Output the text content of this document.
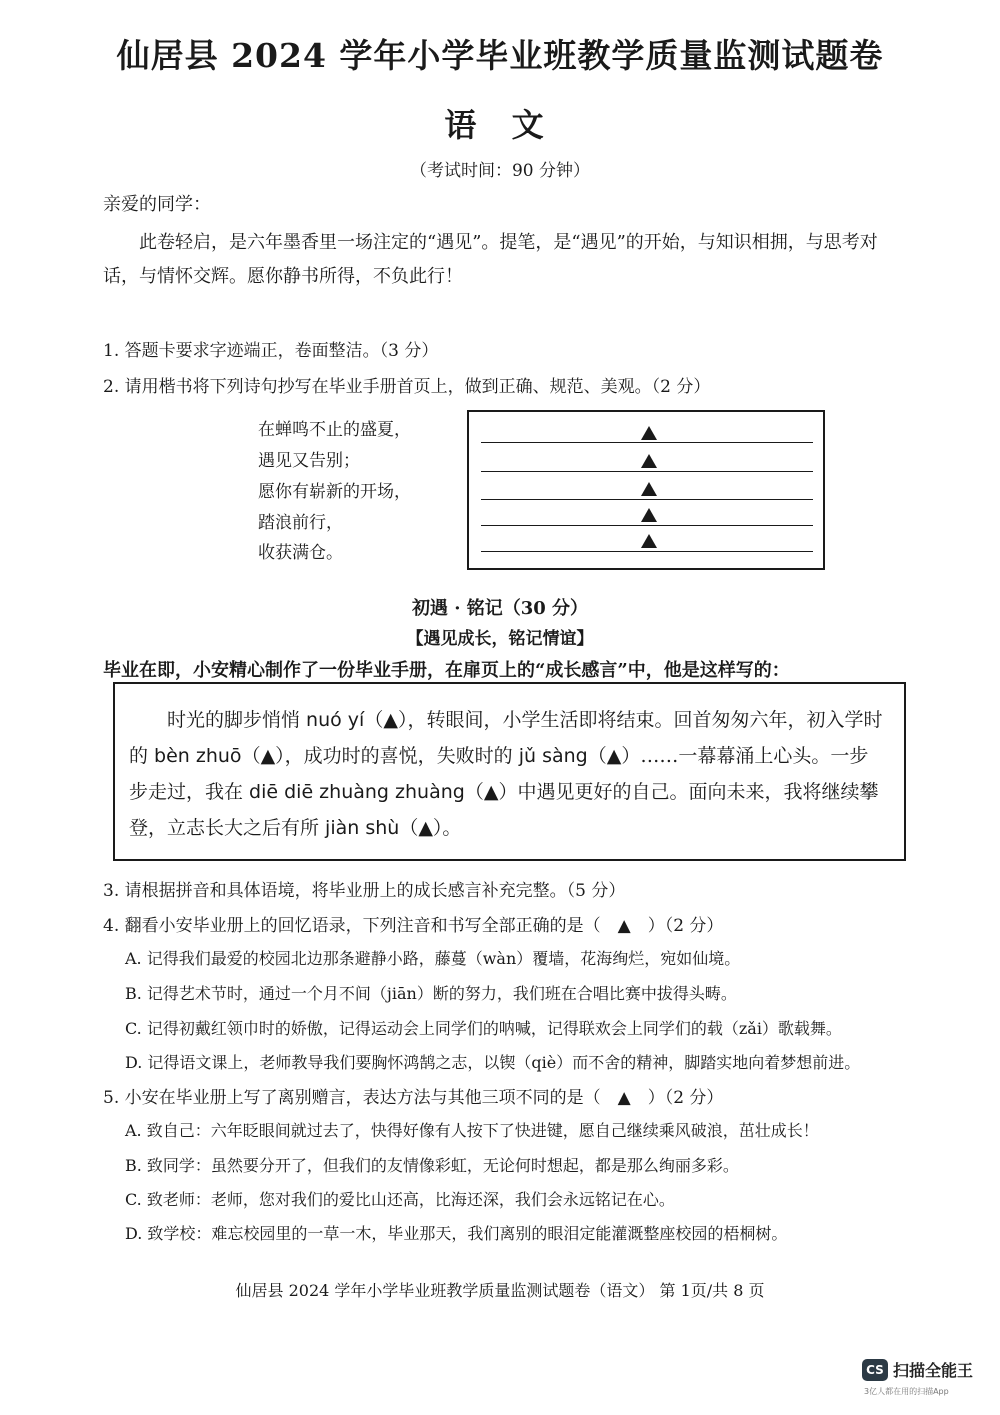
仙居县 2024 学年小学毕业班教学质量监测试题卷
语 文
（考试时间：90 分钟）
亲爱的同学：
此卷轻启，是六年墨香里一场注定的“遇见”。提笔，是“遇见”的开始，与知识相拥，与思考对话，与情怀交辉。愿你静书所得，不负此行！
1. 答题卡要求字迹端正，卷面整洁。（3 分）
2. 请用楷书将下列诗句抄写在毕业手册首页上，做到正确、规范、美观。（2 分）
在蝉鸣不止的盛夏，
遇见又告别；
愿你有崭新的开场，
踏浪前行，
收获满仓。
初遇 · 铭记（30 分）
【遇见成长，铭记情谊】
毕业在即，小安精心制作了一份毕业手册，在扉页上的“成长感言”中，他是这样写的：
时光的脚步悄悄 nuó yí（▲），转眼间，小学生活即将结束。回首匆匆六年，初入学时的 bèn zhuō（▲），成功时的喜悦，失败时的 jǔ sàng（▲）……一幕幕涌上心头。一步步走过，我在 diē diē zhuàng zhuàng（▲）中遇见更好的自己。面向未来，我将继续攀登，立志长大之后有所 jiàn shù（▲）。
3. 请根据拼音和具体语境，将毕业册上的成长感言补充完整。（5 分）
4. 翻看小安毕业册上的回忆语录，下列注音和书写全部正确的是（　▲　）（2 分）
A. 记得我们最爱的校园北边那条避静小路，藤蔓（wàn）覆墙，花海绚烂，宛如仙境。
B. 记得艺术节时，通过一个月不间（jiān）断的努力，我们班在合唱比赛中拔得头畴。
C. 记得初戴红领巾时的娇傲，记得运动会上同学们的呐喊，记得联欢会上同学们的载（zǎi）歌载舞。
D. 记得语文课上，老师教导我们要胸怀鸿鹄之志，以锲（qiè）而不舍的精神，脚踏实地向着梦想前进。
5. 小安在毕业册上写了离别赠言，表达方法与其他三项不同的是（　▲　）（2 分）
A. 致自己：六年眨眼间就过去了，快得好像有人按下了快进键，愿自己继续乘风破浪，茁壮成长！
B. 致同学：虽然要分开了，但我们的友情像彩虹，无论何时想起，都是那么绚丽多彩。
C. 致老师：老师，您对我们的爱比山还高，比海还深，我们会永远铭记在心。
D. 致学校：难忘校园里的一草一木，毕业那天，我们离别的眼泪定能灌溉整座校园的梧桐树。
仙居县 2024 学年小学毕业班教学质量监测试题卷（语文） 第 1页/共 8 页
CS 扫描全能王
3亿人都在用的扫描App
